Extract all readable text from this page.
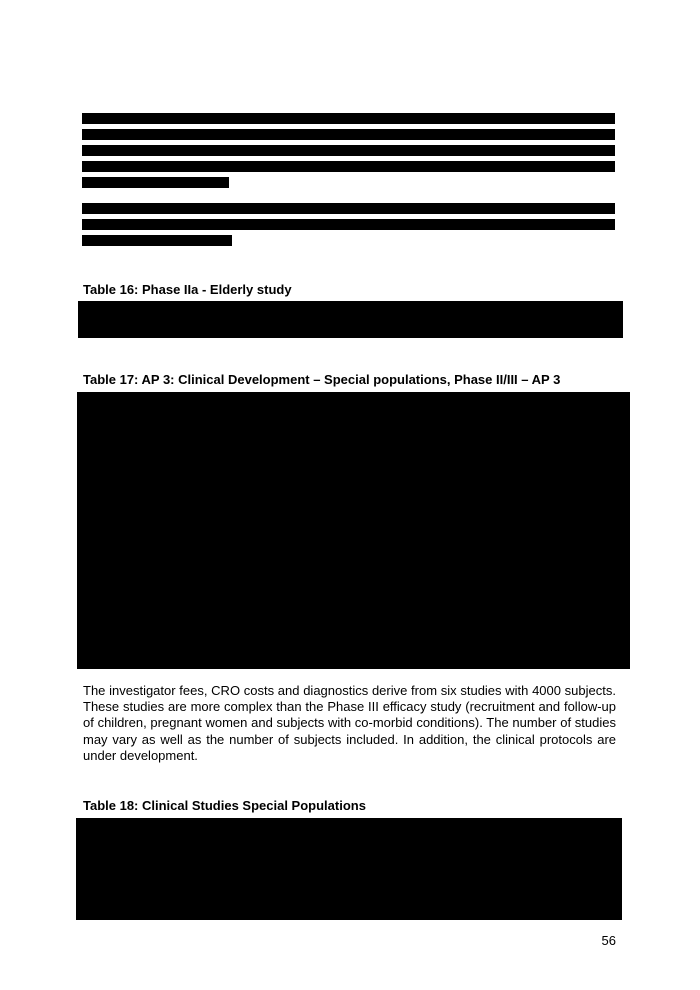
Table 16: Phase IIa - Elderly study
Table 17: AP 3: Clinical Development – Special populations, Phase II/III – AP 3
The investigator fees, CRO costs and diagnostics derive from six studies with 4000 subjects. These studies are more complex than the Phase III efficacy study (recruitment and follow-up of children, pregnant women and subjects with co-morbid conditions). The number of studies may vary as well as the number of subjects included. In addition, the clinical protocols are under development.
Table 18: Clinical Studies Special Populations
56
